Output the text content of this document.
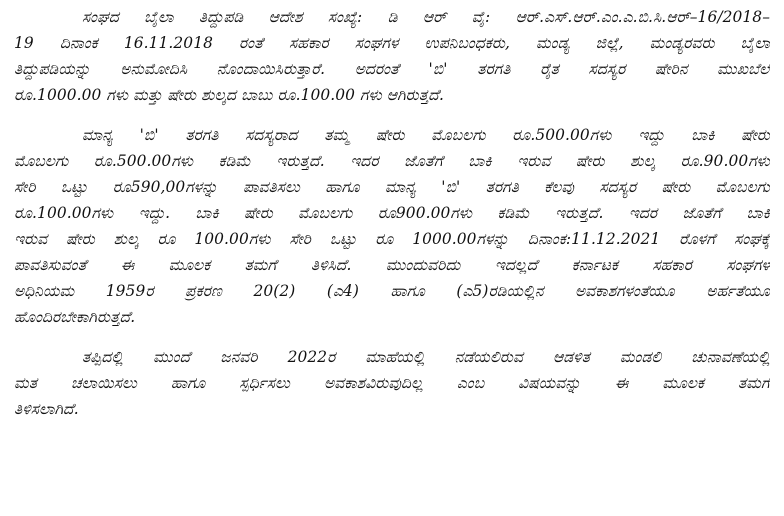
ಸಂಘದ ಬೈಲಾ ತಿದ್ದುಪಡಿ ಆದೇಶ ಸಂಖ್ಯೆ: ಡಿ ಆರ್ ವೈ: ಆರ್.ಎಸ್.ಆರ್.ಎಂ.ಎ.ಬಿ.ಸಿ.ಆರ್–16/2018–
19 ದಿನಾಂಕ 16.11.2018 ರಂತೆ ಸಹಕಾರ ಸಂಘಗಳ ಉಪನಿಬಂಧಕರು, ಮಂಡ್ಯ ಜಿಲ್ಲೆ, ಮಂಡ್ಯರವರು ಬೈಲಾ
ತಿದ್ದುಪಡಿಯನ್ನು ಅನುಮೋದಿಸಿ ನೊಂದಾಯಿಸಿರುತ್ತಾರೆ. ಅದರಂತೆ 'ಬಿ' ತರಗತಿ ರೈತ ಸದಸ್ಯರ ಷೇರಿನ ಮುಖಬೆಲೆ
ರೂ.1000.00 ಗಳು ಮತ್ತು ಷೇರು ಶುಲ್ಕದ ಬಾಬು ರೂ.100.00 ಗಳು ಆಗಿರುತ್ತದೆ.
ಮಾನ್ಯ 'ಬಿ' ತರಗತಿ ಸದಸ್ಯರಾದ ತಮ್ಮ ಷೇರು ಮೊಬಲಗು ರೂ.500.00ಗಳು ಇದ್ದು ಬಾಕಿ ಷೇರು
ಮೊಬಲಗು ರೂ.500.00ಗಳು ಕಡಿಮೆ ಇರುತ್ತದೆ. ಇದರ ಜೊತೆಗೆ ಬಾಕಿ ಇರುವ ಷೇರು ಶುಲ್ಕ ರೂ.90.00ಗಳು
ಸೇರಿ ಒಟ್ಟು ರೂ590,00ಗಳನ್ನು ಪಾವತಿಸಲು ಹಾಗೂ ಮಾನ್ಯ 'ಬಿ' ತರಗತಿ ಕೆಲವು ಸದಸ್ಯರ ಷೇರು ಮೊಬಲಗು
ರೂ.100.00ಗಳು ಇದ್ದು. ಬಾಕಿ ಷೇರು ಮೊಬಲಗು ರೂ900.00ಗಳು ಕಡಿಮೆ ಇರುತ್ತದೆ. ಇದರ ಜೊತೆಗೆ ಬಾಕಿ
ಇರುವ ಷೇರು ಶುಲ್ಕ ರೂ 100.00ಗಳು ಸೇರಿ ಒಟ್ಟು ರೂ 1000.00ಗಳನ್ನು ದಿನಾಂಕ:11.12.2021 ರೊಳಗೆ ಸಂಘಕ್ಕೆ
ಪಾವತಿಸುವಂತೆ ಈ ಮೂಲಕ ತಮಗೆ ತಿಳಿಸಿದೆ. ಮುಂದುವರಿದು ಇದಲ್ಲದೆ ಕರ್ನಾಟಕ ಸಹಕಾರ ಸಂಘಗಳ
ಅಧಿನಿಯಮ 1959ರ ಪ್ರಕರಣ 20(2) (ಎ4) ಹಾಗೂ (ಎ5)ರಡಿಯಲ್ಲಿನ ಅವಕಾಶಗಳಂತೆಯೂ ಅರ್ಹತೆಯೂ
ಹೊಂದಿರಬೇಕಾಗಿರುತ್ತದೆ.
ತಪ್ಪಿದಲ್ಲಿ ಮುಂದೆ ಜನವರಿ 2022ರ ಮಾಹೆಯಲ್ಲಿ ನಡೆಯಲಿರುವ ಆಡಳಿತ ಮಂಡಲಿ ಚುನಾವಣೆಯಲ್ಲಿ
ಮತ ಚಲಾಯಿಸಲು ಹಾಗೂ ಸ್ಪರ್ಧಿಸಲು ಅವಕಾಶವಿರುವುದಿಲ್ಲ ಎಂಬ ವಿಷಯವನ್ನು ಈ ಮೂಲಕ ತಮಗೆ
ತಿಳಿಸಲಾಗಿದೆ.
